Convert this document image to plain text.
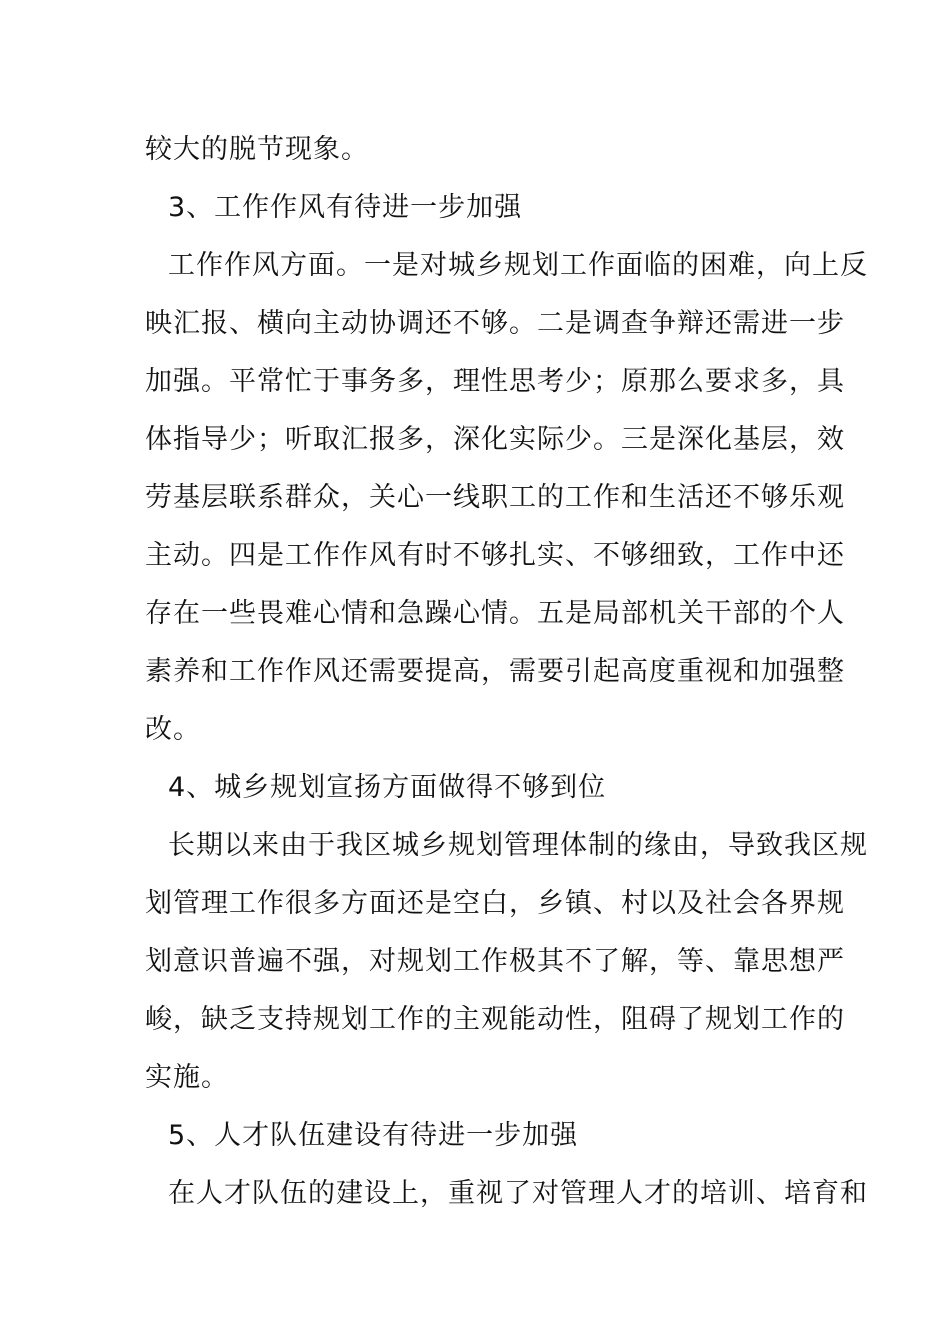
较大的脱节现象。
3、工作作风有待进一步加强
工作作风方面。一是对城乡规划工作面临的困难，向上反
映汇报、横向主动协调还不够。二是调查争辩还需进一步
加强。平常忙于事务多，理性思考少；原那么要求多，具
体指导少；听取汇报多，深化实际少。三是深化基层，效
劳基层联系群众，关心一线职工的工作和生活还不够乐观
主动。四是工作作风有时不够扎实、不够细致，工作中还
存在一些畏难心情和急躁心情。五是局部机关干部的个人
素养和工作作风还需要提高，需要引起高度重视和加强整
改。
4、城乡规划宣扬方面做得不够到位
长期以来由于我区城乡规划管理体制的缘由，导致我区规
划管理工作很多方面还是空白，乡镇、村以及社会各界规
划意识普遍不强，对规划工作极其不了解，等、靠思想严
峻，缺乏支持规划工作的主观能动性，阻碍了规划工作的
实施。
5、人才队伍建设有待进一步加强
在人才队伍的建设上，重视了对管理人才的培训、培育和
